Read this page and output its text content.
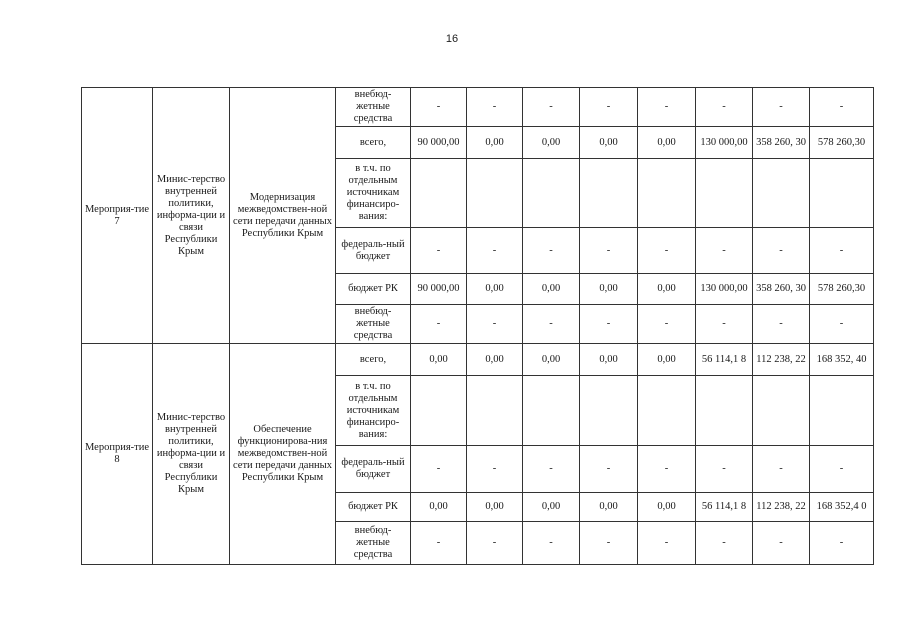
16
Мероприя-тие 7	Минис-терство внутренней политики, информа-ции и связи Республики Крым	Модернизация межведомствен-ной сети передачи данных Республики Крым	внебюд-жетные средства	-	-	-	-	-	-	-	-
			всего,	90 000,00	0,00	0,00	0,00	0,00	130 000,00	358 260, 30	578 260,30
			в т.ч. по отдельным источникам финансиро-вания:								
			федераль-ный бюджет	-	-	-	-	-	-	-	-
			бюджет РК	90 000,00	0,00	0,00	0,00	0,00	130 000,00	358 260, 30	578 260,30
			внебюд-жетные средства	-	-	-	-	-	-	-	-
Мероприя-тие 8	Минис-терство внутренней политики, информа-ции и связи Республики Крым	Обеспечение функционирова-ния межведомствен-ной сети передачи данных Республики Крым	всего,	0,00	0,00	0,00	0,00	0,00	56 114,1 8	112 238, 22	168 352, 40
			в т.ч. по отдельным источникам финансиро-вания:								
			федераль-ный бюджет	-	-	-	-	-	-	-	-
			бюджет РК	0,00	0,00	0,00	0,00	0,00	56 114,1 8	112 238, 22	168 352,4 0
			внебюд-жетные средства	-	-	-	-	-	-	-	-
